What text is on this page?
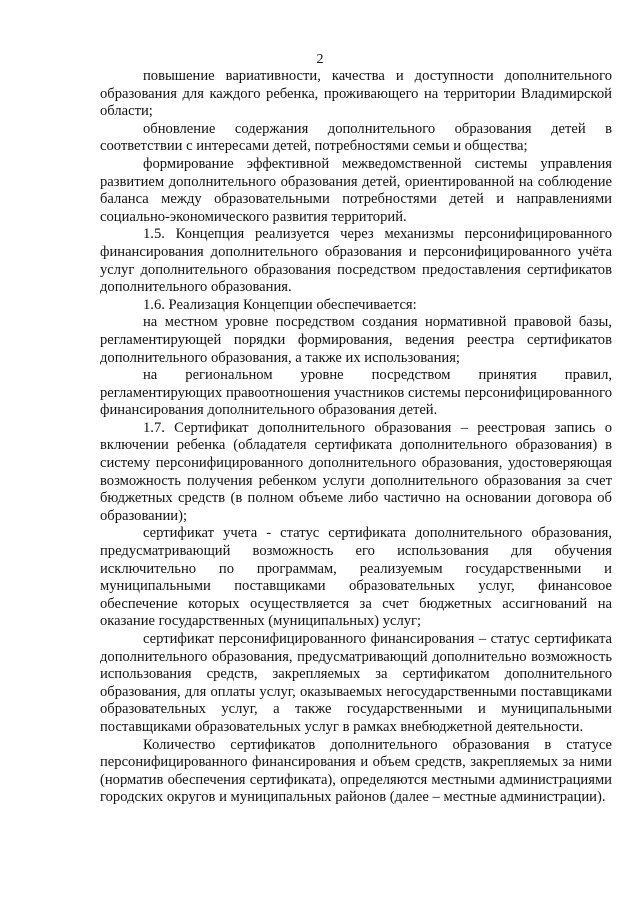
2

повышение вариативности, качества и доступности дополнительного образования для каждого ребенка, проживающего на территории Владимирской области;

обновление содержания дополнительного образования детей в соответствии с интересами детей, потребностями семьи и общества;

формирование эффективной межведомственной системы управления развитием дополнительного образования детей, ориентированной на соблюдение баланса между образовательными потребностями детей и направлениями социально-экономического развития территорий.

1.5. Концепция реализуется через механизмы персонифицированного финансирования дополнительного образования и персонифицированного учёта услуг дополнительного образования посредством предоставления сертификатов дополнительного образования.

1.6. Реализация Концепции обеспечивается:

на местном уровне посредством создания нормативной правовой базы, регламентирующей порядки формирования, ведения реестра сертификатов дополнительного образования, а также их использования;

на региональном уровне посредством принятия правил, регламентирующих правоотношения участников системы персонифицированного финансирования дополнительного образования детей.

1.7. Сертификат дополнительного образования – реестровая запись о включении ребенка (обладателя сертификата дополнительного образования) в систему персонифицированного дополнительного образования, удостоверяющая возможность получения ребенком услуги дополнительного образования за счет бюджетных средств (в полном объеме либо частично на основании договора об образовании);

сертификат учета - статус сертификата дополнительного образования, предусматривающий возможность его использования для обучения исключительно по программам, реализуемым государственными и муниципальными поставщиками образовательных услуг, финансовое обеспечение которых осуществляется за счет бюджетных ассигнований на оказание государственных (муниципальных) услуг;

сертификат персонифицированного финансирования – статус сертификата дополнительного образования, предусматривающий дополнительно возможность использования средств, закрепляемых за сертификатом дополнительного образования, для оплаты услуг, оказываемых негосударственными поставщиками образовательных услуг, а также государственными и муниципальными поставщиками образовательных услуг в рамках внебюджетной деятельности.

Количество сертификатов дополнительного образования в статусе персонифицированного финансирования и объем средств, закрепляемых за ними (норматив обеспечения сертификата), определяются местными администрациями городских округов и муниципальных районов (далее – местные администрации).
